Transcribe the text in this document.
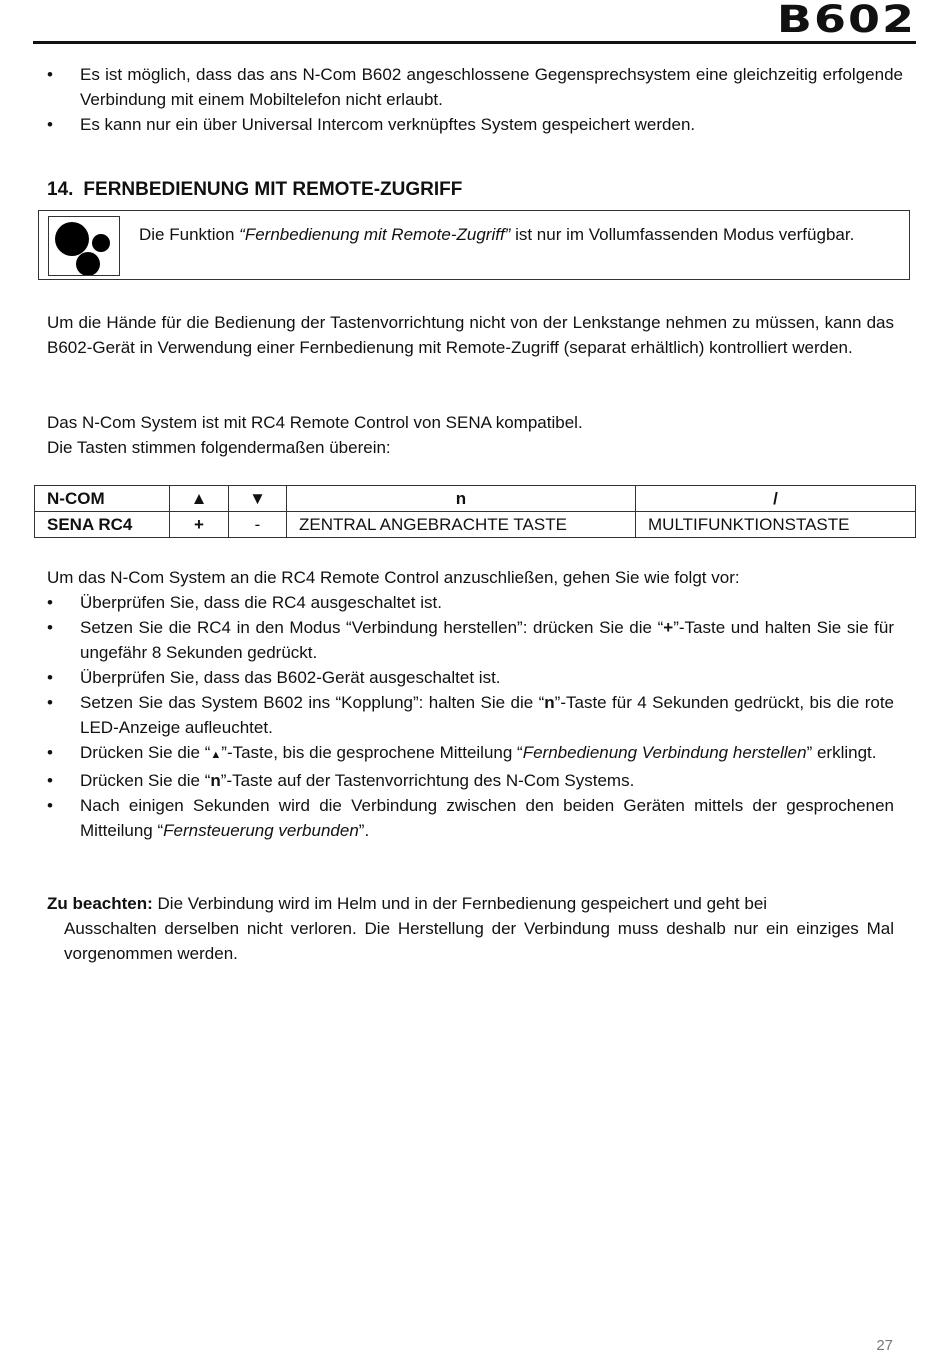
B602
• Es ist möglich, dass das ans N-Com B602 angeschlossene Gegensprechsystem eine gleichzeitig erfolgende Verbindung mit einem Mobiltelefon nicht erlaubt.
• Es kann nur ein über Universal Intercom verknüpftes System gespeichert werden.
14. FERNBEDIENUNG MIT REMOTE-ZUGRIFF
Die Funktion “Fernbedienung mit Remote-Zugriff” ist nur im Vollumfassenden Modus verfügbar.

Um die Hände für die Bedienung der Tastenvorrichtung nicht von der Lenkstange nehmen zu müssen, kann das B602-Gerät in Verwendung einer Fernbedienung mit Remote-Zugriff (separat erhältlich) kontrolliert werden.

Das N-Com System ist mit RC4 Remote Control von SENA kompatibel.

Die Tasten stimmen folgendermaßen überein:

N-COM	▲	▼	n	/
SENA RC4	+	-	ZENTRAL ANGEBRACHTE TASTE	MULTIFUNKTIONSTASTE

Um das N-Com System an die RC4 Remote Control anzuschließen, gehen Sie wie folgt vor:

• Überprüfen Sie, dass die RC4 ausgeschaltet ist.
• Setzen Sie die RC4 in den Modus “Verbindung herstellen”: drücken Sie die “+”-Taste und halten Sie sie für ungefähr 8 Sekunden gedrückt.
• Überprüfen Sie, dass das B602-Gerät ausgeschaltet ist.
• Setzen Sie das System B602 ins “Kopplung”: halten Sie die “n”-Taste für 4 Sekunden gedrückt, bis die rote LED-Anzeige aufleuchtet.
• Drücken Sie die “▲”-Taste, bis die gesprochene Mitteilung “Fernbedienung Verbindung herstellen” erklingt.
• Drücken Sie die “n”-Taste auf der Tastenvorrichtung des N-Com Systems.
• Nach einigen Sekunden wird die Verbindung zwischen den beiden Geräten mittels der gesprochenen Mitteilung “Fernsteuerung verbunden”.
Zu beachten: Die Verbindung wird im Helm und in der Fernbedienung gespeichert und geht bei
Ausschalten derselben nicht verloren. Die Herstellung der Verbindung muss deshalb nur ein einziges Mal vorgenommen werden.
27
